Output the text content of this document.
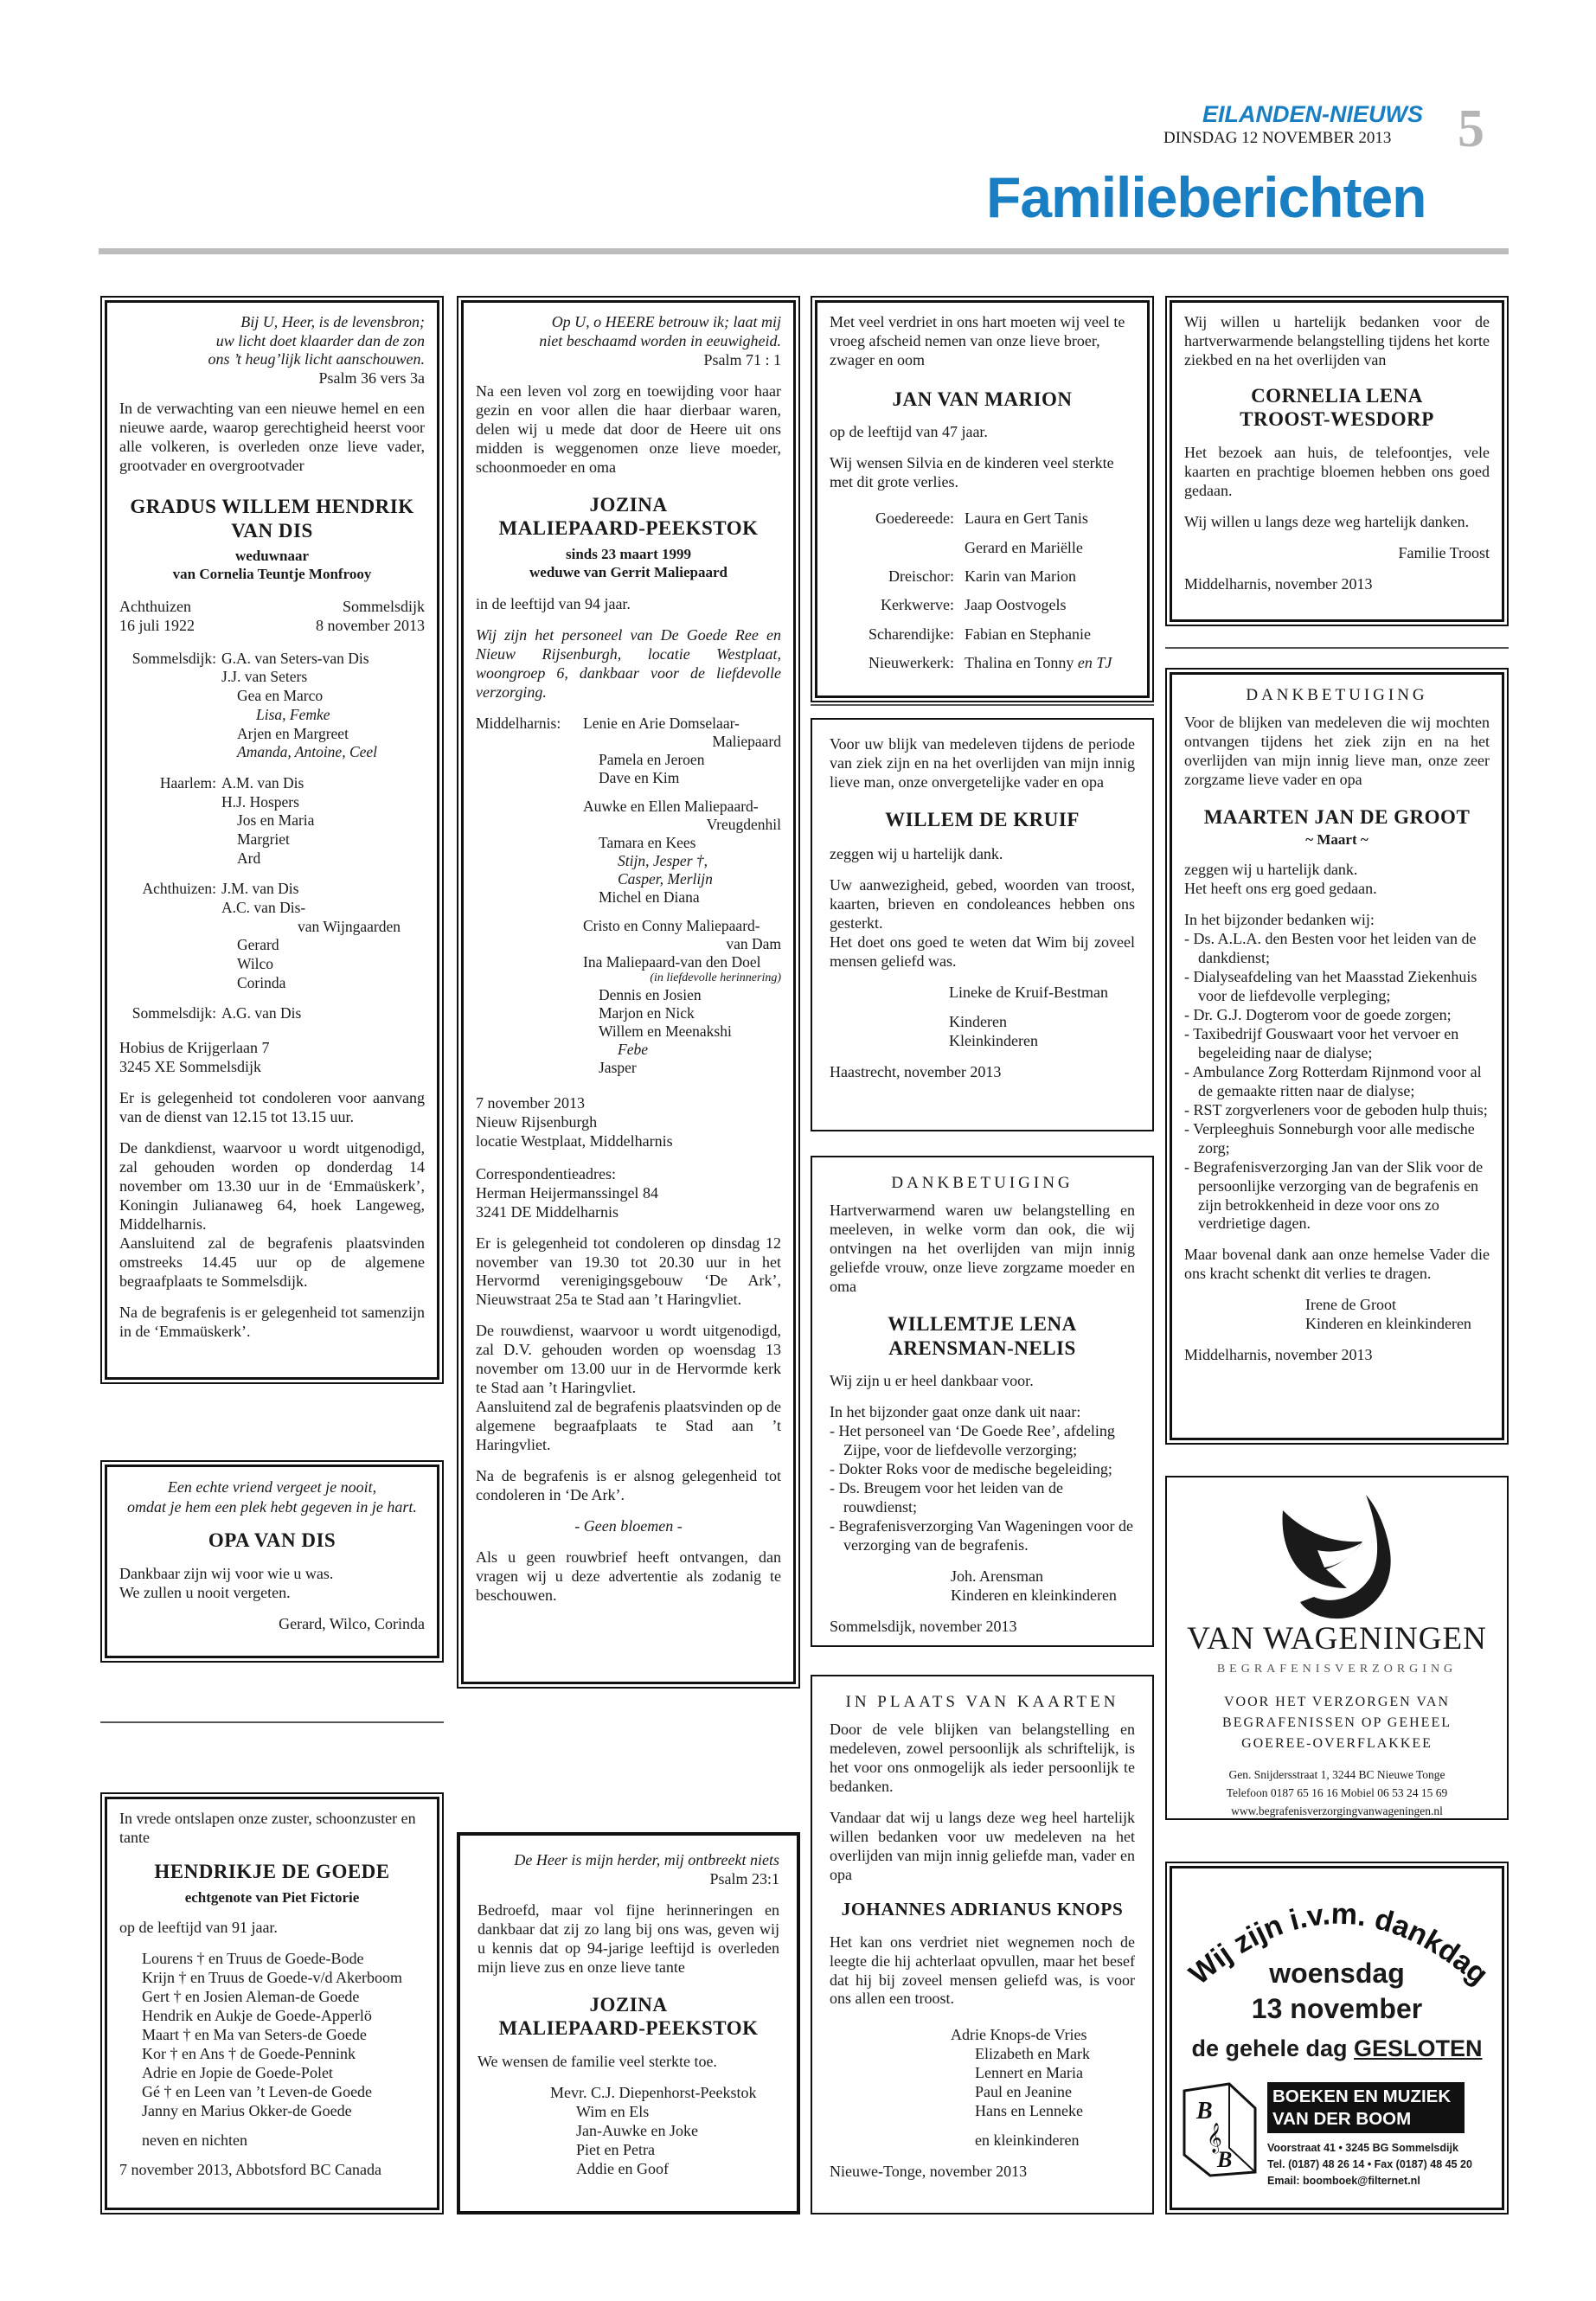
EILANDEN-NIEUWS
DINSDAG 12 NOVEMBER 2013 5
Familieberichten
Bij U, Heer, is de levensbron;
uw licht doet klaarder dan de zon
ons ’t heug’lijk licht aanschouwen.
Psalm 36 vers 3a

In de verwachting van een nieuwe hemel en een nieuwe aarde, waarop gerechtigheid heerst voor alle volkeren, is overleden onze lieve vader, grootvader en overgrootvader

GRADUS WILLEM HENDRIK
VAN DIS
weduwnaar
van Cornelia Teuntje Monfrooy
Achthuizen
16 juli 1922
Sommelsdijk
8 november 2013
Sommelsdijk: G.A. van Seters-van Dis
J.J. van Seters
Gea en Marco
Lisa, Femke
Arjen en Margreet
Amanda, Antoine, Ceel
Haarlem: A.M. van Dis
H.J. Hospers
Jos en Maria
Margriet
Ard
Achthuizen: J.M. van Dis
A.C. van Dis-
van Wijngaarden
Gerard
Wilco
Corinda
Sommelsdijk: A.G. van Dis
Hobius de Krijgerlaan 7
3245 XE Sommelsdijk

Er is gelegenheid tot condoleren voor aanvang van de dienst van 12.15 tot 13.15 uur.

De dankdienst, waarvoor u wordt uitgenodigd, zal gehouden worden op donderdag 14 november om 13.30 uur in de ‘Emmaüskerk’, Koningin Julianaweg 64, hoek Langeweg, Middelharnis.

Aansluitend zal de begrafenis plaatsvinden omstreeks 14.45 uur op de algemene begraafplaats te Sommelsdijk.

Na de begrafenis is er gelegenheid tot samenzijn in de ‘Emmaüskerk’.

Een echte vriend vergeet je nooit,
omdat je hem een plek hebt gegeven in je hart.
OPA VAN DIS
Dankbaar zijn wij voor wie u was.
We zullen u nooit vergeten.
Gerard, Wilco, Corinda

In vrede ontslapen onze zuster, schoonzuster en tante

HENDRIKJE DE GOEDE
echtgenote van Piet Fictorie

op de leeftijd van 91 jaar.

Lourens † en Truus de Goede-Bode
Krijn † en Truus de Goede-v/d Akerboom
Gert † en Josien Aleman-de Goede
Hendrik en Aukje de Goede-Apperlö
Maart † en Ma van Seters-de Goede
Kor † en Ans † de Goede-Pennink
Adrie en Jopie de Goede-Polet
Gé † en Leen van ’t Leven-de Goede
Janny en Marius Okker-de Goede
neven en nichten
7 november 2013, Abbotsford BC Canada
Op U, o HEERE betrouw ik; laat mij
niet beschaamd worden in eeuwigheid.
Psalm 71 : 1

Na een leven vol zorg en toewijding voor haar gezin en voor allen die haar dierbaar waren, delen wij u mede dat door de Heere uit ons midden is weggenomen onze lieve moeder, schoonmoeder en oma

JOZINA
MALIEPAARD-PEEKSTOK
sinds 23 maart 1999
weduwe van Gerrit Maliepaard

in de leeftijd van 94 jaar.

Wij zijn het personeel van De Goede Ree en Nieuw Rijsenburgh, locatie Westplaat, woongroep 6, dankbaar voor de liefdevolle verzorging.

Middelharnis:	Lenie en Arie Domselaar-
Maliepaard
Pamela en Jeroen
Dave en Kim
Auwke en Ellen Maliepaard-
Vreugdenhil
Tamara en Kees
Stijn, Jesper †,
Casper, Merlijn
Michel en Diana
Cristo en Conny Maliepaard-
van Dam
Ina Maliepaard-van den Doel
(in liefdevolle herinnering)
Dennis en Josien
Marjon en Nick
Willem en Meenakshi
Febe
Jasper
7 november 2013
Nieuw Rijsenburgh
locatie Westplaat, Middelharnis
Correspondentieadres:
Herman Heijermanssingel 84
3241 DE Middelharnis

Er is gelegenheid tot condoleren op dinsdag 12 november van 19.30 tot 20.30 uur in het Hervormd verenigingsgebouw ‘De Ark’, Nieuwstraat 25a te Stad aan ’t Haringvliet.

De rouwdienst, waarvoor u wordt uitgenodigd, zal D.V. gehouden worden op woensdag 13 november om 13.00 uur in de Hervormde kerk te Stad aan ’t Haringvliet.

Aansluitend zal de begrafenis plaatsvinden op de algemene begraafplaats te Stad aan ’t Haringvliet.

Na de begrafenis is er alsnog gelegenheid tot condoleren in ‘De Ark’.

- Geen bloemen -

Als u geen rouwbrief heeft ontvangen, dan vragen wij u deze advertentie als zodanig te beschouwen.

De Heer is mijn herder, mij ontbreekt niets
Psalm 23:1

Bedroefd, maar vol fijne herinneringen en dankbaar dat zij zo lang bij ons was, geven wij u kennis dat op 94-jarige leeftijd is overleden mijn lieve zus en onze lieve tante

JOZINA
MALIEPAARD-PEEKSTOK

We wensen de familie veel sterkte toe.

Mevr. C.J. Diepenhorst-Peekstok
Wim en Els
Jan-Auwke en Joke
Piet en Petra
Addie en Goof

Met veel verdriet in ons hart moeten wij veel te vroeg afscheid nemen van onze lieve broer, zwager en oom

JAN VAN MARION

op de leeftijd van 47 jaar.

Wij wensen Silvia en de kinderen veel sterkte met dit grote verlies.

Goedereede: Laura en Gert Tanis
Gerard en Mariëlle
Dreischor: Karin van Marion
Kerkwerve: Jaap Oostvogels
Scharendijke: Fabian en Stephanie
Nieuwerkerk: Thalina en Tonny en TJ

Voor uw blijk van medeleven tijdens de periode van ziek zijn en na het overlijden van mijn innig lieve man, onze onvergetelijke vader en opa

WILLEM DE KRUIF

zeggen wij u hartelijk dank.

Uw aanwezigheid, gebed, woorden van troost, kaarten, brieven en condoleances hebben ons gesterkt.

Het doet ons goed te weten dat Wim bij zoveel mensen geliefd was.

Lineke de Kruif-Bestman
Kinderen
Kleinkinderen
Haastrecht, november 2013
DANKBETUIGING

Hartverwarmend waren uw belangstelling en meeleven, in welke vorm dan ook, die wij ontvingen na het overlijden van mijn innig geliefde vrouw, onze lieve zorgzame moeder en oma

WILLEMTJE LENA
ARENSMAN-NELIS

Wij zijn u er heel dankbaar voor.

In het bijzonder gaat onze dank uit naar:
- Het personeel van ‘De Goede Ree’, afdeling Zijpe, voor de liefdevolle verzorging;
- Dokter Roks voor de medische begeleiding;
- Ds. Breugem voor het leiden van de rouwdienst;
- Begrafenisverzorging Van Wageningen voor de verzorging van de begrafenis.
Joh. Arensman
Kinderen en kleinkinderen
Sommelsdijk, november 2013
IN PLAATS VAN KAARTEN

Door de vele blijken van belangstelling en medeleven, zowel persoonlijk als schriftelijk, is het voor ons onmogelijk als ieder persoonlijk te bedanken.

Vandaar dat wij u langs deze weg heel hartelijk willen bedanken voor uw medeleven na het overlijden van mijn innig geliefde man, vader en opa

JOHANNES ADRIANUS KNOPS

Het kan ons verdriet niet wegnemen noch de leegte die hij achterlaat opvullen, maar het besef dat hij bij zoveel mensen geliefd was, is voor ons allen een troost.

Adrie Knops-de Vries
Elizabeth en Mark
Lennert en Maria
Paul en Jeanine
Hans en Lenneke
en kleinkinderen
Nieuwe-Tonge, november 2013

Wij willen u hartelijk bedanken voor de hartverwarmende belangstelling tijdens het korte ziekbed en na het overlijden van

CORNELIA LENA
TROOST-WESDORP

Het bezoek aan huis, de telefoontjes, vele kaarten en prachtige bloemen hebben ons goed gedaan.

Wij willen u langs deze weg hartelijk danken.

Familie Troost

Middelharnis, november 2013
DANKBETUIGING

Voor de blijken van medeleven die wij mochten ontvangen tijdens het ziek zijn en na het overlijden van mijn innig lieve man, onze zeer zorgzame lieve vader en opa

MAARTEN JAN DE GROOT
~ Maart ~
zeggen wij u hartelijk dank.

Het heeft ons erg goed gedaan.

In het bijzonder bedanken wij:
- Ds. A.L.A. den Besten voor het leiden van de dankdienst;
- Dialyseafdeling van het Maasstad Ziekenhuis voor de liefdevolle verpleging;
- Dr. G.J. Dogterom voor de goede zorgen;
- Taxibedrijf Gouswaart voor het vervoer en begeleiding naar de dialyse;
- Ambulance Zorg Rotterdam Rijnmond voor al de gemaakte ritten naar de dialyse;
- RST zorgverleners voor de geboden hulp thuis;
- Verpleeghuis Sonneburgh voor alle medische zorg;
- Begrafenisverzorging Jan van der Slik voor de persoonlijke verzorging van de begrafenis en zijn betrokkenheid in deze voor ons zo verdrietige dagen.

Maar bovenal dank aan onze hemelse Vader die ons kracht schenkt dit verlies te dragen.

Irene de Groot
Kinderen en kleinkinderen
Middelharnis, november 2013
VAN WAGENINGEN
BEGRAFENISVERZORGING
VOOR HET VERZORGEN VAN
BEGRAFENISSEN OP GEHEEL
GOEREE-OVERFLAKKEE
Gen. Snijdersstraat 1, 3244 BC Nieuwe Tonge
Telefoon 0187 65 16 16 Mobiel 06 53 24 15 69
www.begrafenisverzorgingvanwageningen.nl
Wij zijn i.v.m. dankdag
woensdag
13 november
de gehele dag GESLOTEN
B
𝄞
B
BOEKEN EN MUZIEK
VAN DER BOOM
Voorstraat 41 • 3245 BG Sommelsdijk
Tel. (0187) 48 26 14 • Fax (0187) 48 45 20
Email: boomboek@filternet.nl
